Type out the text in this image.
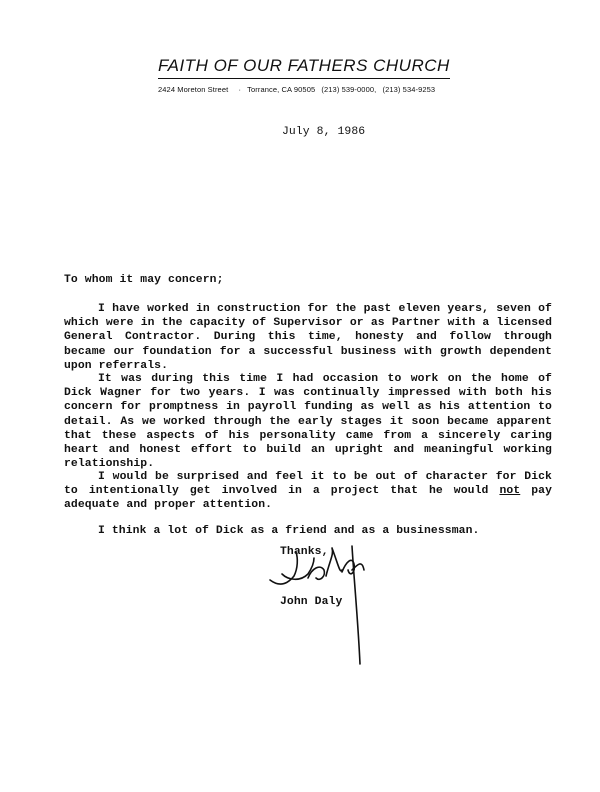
FAITH OF OUR FATHERS CHURCH
2424 Moreton Street · Torrance, CA 90505 (213) 539-0000, (213) 534-9253
July 8, 1986
To whom it may concern;

I have worked in construction for the past eleven years, seven of which were in the capacity of Supervisor or as Partner with a licensed General Contractor. During this time, honesty and follow through became our foundation for a successful business with growth dependent upon referrals.

It was during this time I had occasion to work on the home of Dick Wagner for two years. I was continually impressed with both his concern for promptness in payroll funding as well as his attention to detail. As we worked through the early stages it soon became apparent that these aspects of his personality came from a sincerely caring heart and honest effort to build an upright and meaningful working relationship.

I would be surprised and feel it to be out of character for Dick to intentionally get involved in a project that he would not pay adequate and proper attention.

I think a lot of Dick as a friend and as a businessman.

Thanks,
John Daly
